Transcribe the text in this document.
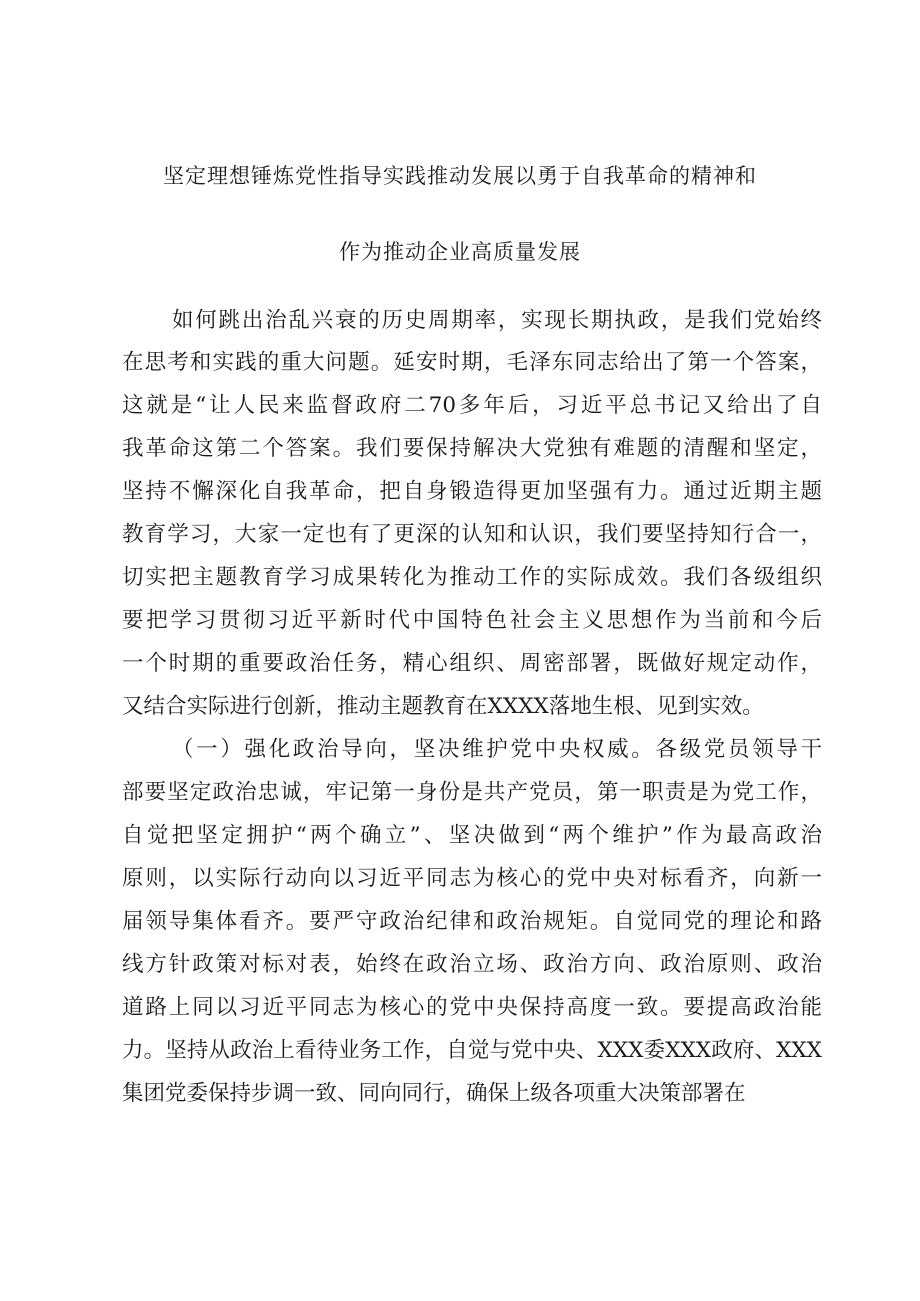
坚定理想锤炼党性指导实践推动发展以勇于自我革命的精神和
作为推动企业高质量发展
如何跳出治乱兴衰的历史周期率，实现长期执政，是我们党始终
在思考和实践的重大问题。延安时期，毛泽东同志给出了第一个答案，
这就是“让人民来监督政府二70多年后，习近平总书记又给出了自
我革命这第二个答案。我们要保持解决大党独有难题的清醒和坚定，
坚持不懈深化自我革命，把自身锻造得更加坚强有力。通过近期主题
教育学习，大家一定也有了更深的认知和认识，我们要坚持知行合一，
切实把主题教育学习成果转化为推动工作的实际成效。我们各级组织
要把学习贯彻习近平新时代中国特色社会主义思想作为当前和今后
一个时期的重要政治任务，精心组织、周密部署，既做好规定动作，
又结合实际进行创新，推动主题教育在XXXX落地生根、见到实效。
（一）强化政治导向，坚决维护党中央权威。各级党员领导干
部要坚定政治忠诚，牢记第一身份是共产党员，第一职责是为党工作，
自觉把坚定拥护“两个确立”、坚决做到“两个维护”作为最高政治
原则，以实际行动向以习近平同志为核心的党中央对标看齐，向新一
届领导集体看齐。要严守政治纪律和政治规矩。自觉同党的理论和路
线方针政策对标对表，始终在政治立场、政治方向、政治原则、政治
道路上同以习近平同志为核心的党中央保持高度一致。要提高政治能
力。坚持从政治上看待业务工作，自觉与党中央、XXX委XXX政府、XXX
集团党委保持步调一致、同向同行，确保上级各项重大决策部署在
